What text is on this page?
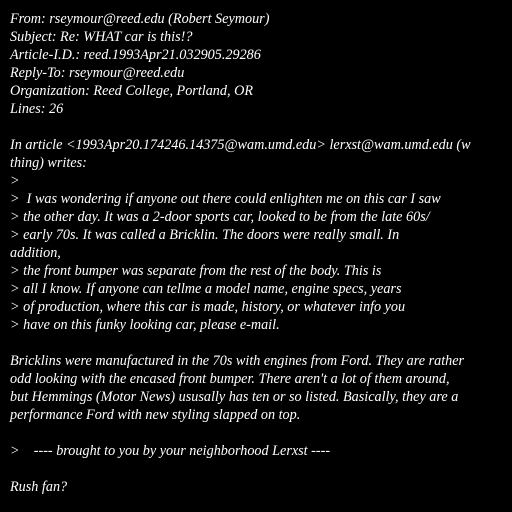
From: rseymour@reed.edu (Robert Seymour)
Subject: Re: WHAT car is this!?
Article-I.D.: reed.1993Apr21.032905.29286
Reply-To: rseymour@reed.edu
Organization: Reed College, Portland, OR
Lines: 26
In article <1993Apr20.174246.14375@wam.umd.edu> lerxst@wam.umd.edu (w
thing) writes:
>
>  I was wondering if anyone out there could enlighten me on this car I saw
> the other day. It was a 2-door sports car, looked to be from the late 60s/
> early 70s. It was called a Bricklin. The doors were really small. In
addition,
> the front bumper was separate from the rest of the body. This is
> all I know. If anyone can tellme a model name, engine specs, years
> of production, where this car is made, history, or whatever info you
> have on this funky looking car, please e-mail.
Bricklins were manufactured in the 70s with engines from Ford. They are rather
odd looking with the encased front bumper. There aren't a lot of them around,
but Hemmings (Motor News) ususally has ten or so listed. Basically, they are a
performance Ford with new styling slapped on top.
>    ---- brought to you by your neighborhood Lerxst ----
Rush fan?
